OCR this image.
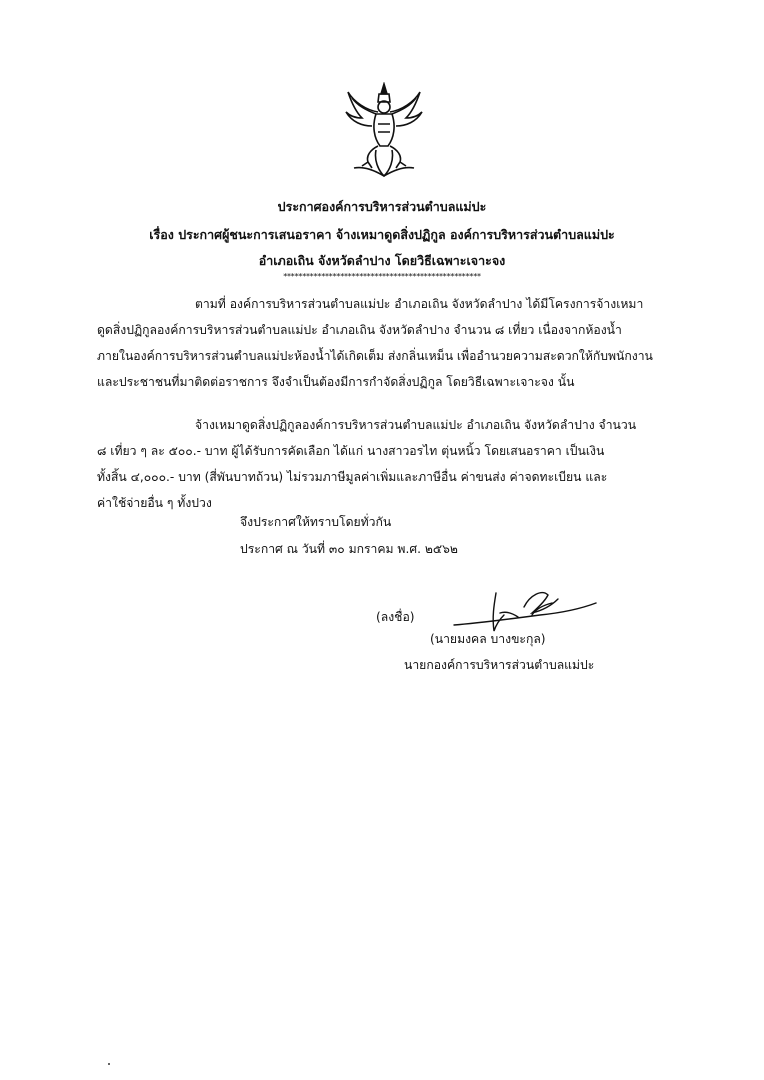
ประกาศองค์การบริหารส่วนตำบลแม่ปะ
เรื่อง ประกาศผู้ชนะการเสนอราคา จ้างเหมาดูดสิ่งปฏิกูล องค์การบริหารส่วนตำบลแม่ปะ
อำเภอเถิน จังหวัดลำปาง โดยวิธีเฉพาะเจาะจง
****************************************************
ตามที่ องค์การบริหารส่วนตำบลแม่ปะ อำเภอเถิน จังหวัดลำปาง ได้มีโครงการจ้างเหมา
ดูดสิ่งปฏิกูลองค์การบริหารส่วนตำบลแม่ปะ อำเภอเถิน จังหวัดลำปาง จำนวน ๘ เที่ยว เนื่องจากห้องน้ำ
ภายในองค์การบริหารส่วนตำบลแม่ปะห้องน้ำได้เกิดเต็ม ส่งกลิ่นเหม็น เพื่ออำนวยความสะดวกให้กับพนักงาน
และประชาชนที่มาติดต่อราชการ จึงจำเป็นต้องมีการกำจัดสิ่งปฏิกูล โดยวิธีเฉพาะเจาะจง นั้น
จ้างเหมาดูดสิ่งปฏิกูลองค์การบริหารส่วนตำบลแม่ปะ อำเภอเถิน จังหวัดลำปาง จำนวน
๘ เที่ยว ๆ ละ ๕๐๐.- บาท ผู้ได้รับการคัดเลือก ได้แก่ นางสาวอรไท ตุ่นหนิ้ว โดยเสนอราคา เป็นเงิน
ทั้งสิ้น ๔,๐๐๐.- บาท (สี่พันบาทถ้วน) ไม่รวมภาษีมูลค่าเพิ่มและภาษีอื่น ค่าขนส่ง ค่าจดทะเบียน และ
ค่าใช้จ่ายอื่น ๆ ทั้งปวง
จึงประกาศให้ทราบโดยทั่วกัน
ประกาศ ณ วันที่ ๓๐ มกราคม พ.ศ. ๒๕๖๒
(ลงชื่อ)
(นายมงคล บางขะกุล)
นายกองค์การบริหารส่วนตำบลแม่ปะ
